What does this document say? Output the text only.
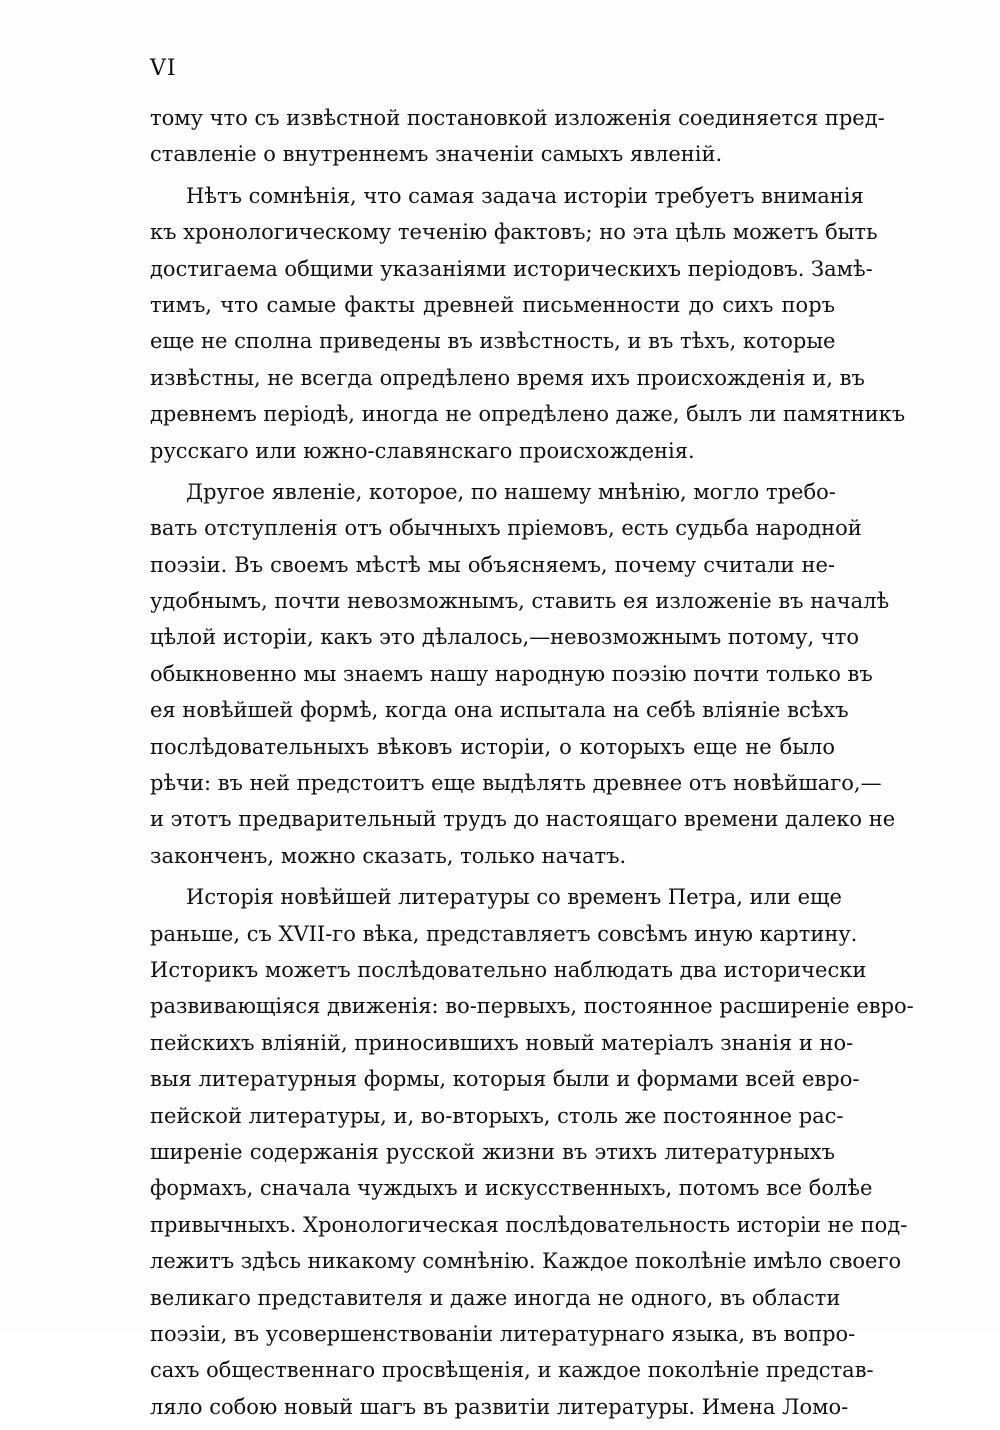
VI
тому что съ извѣстной постановкой изложенія соединяется пред-
ставленіе о внутреннемъ значеніи самыхъ явленій.
Нѣтъ сомнѣнія, что самая задача исторіи требуетъ вниманія
къ хронологическому теченію фактовъ; но эта цѣль можетъ быть
достигаема общими указаніями историческихъ періодовъ. Замѣ-
тимъ, что самые факты древней письменности до сихъ поръ
еще не сполна приведены въ извѣстность, и въ тѣхъ, которые
извѣстны, не всегда опредѣлено время ихъ происхожденія и, въ
древнемъ періодѣ, иногда не опредѣлено даже, былъ ли памятникъ
русскаго или южно-славянскаго происхожденія.
Другое явленіе, которое, по нашему мнѣнію, могло требо-
вать отступленія отъ обычныхъ пріемовъ, есть судьба народной
поэзіи. Въ своемъ мѣстѣ мы объясняемъ, почему считали не-
удобнымъ, почти невозможнымъ, ставить ея изложеніе въ началѣ
цѣлой исторіи, какъ это дѣлалось,—невозможнымъ потому, что
обыкновенно мы знаемъ нашу народную поэзію почти только въ
ея новѣйшей формѣ, когда она испытала на себѣ вліяніе всѣхъ
послѣдовательныхъ вѣковъ исторіи, о которыхъ еще не было
рѣчи: въ ней предстоитъ еще выдѣлять древнее отъ новѣйшаго,—
и этотъ предварительный трудъ до настоящаго времени далеко не
законченъ, можно сказать, только начатъ.
Исторія новѣйшей литературы со временъ Петра, или еще
раньше, съ XVII-го вѣка, представляетъ совсѣмъ иную картину.
Историкъ можетъ послѣдовательно наблюдать два исторически
развивающіяся движенія: во-первыхъ, постоянное расширеніе евро-
пейскихъ вліяній, приносившихъ новый матеріалъ знанія и но-
выя литературныя формы, которыя были и формами всей евро-
пейской литературы, и, во-вторыхъ, столь же постоянное рас-
ширеніе содержанія русской жизни въ этихъ литературныхъ
формахъ, сначала чуждыхъ и искусственныхъ, потомъ все болѣе
привычныхъ. Хронологическая послѣдовательность исторіи не под-
лежитъ здѣсь никакому сомнѣнію. Каждое поколѣніе имѣло своего
великаго представителя и даже иногда не одного, въ области
поэзіи, въ усовершенствованіи литературнаго языка, въ вопро-
сахъ общественнаго просвѣщенія, и каждое поколѣніе представ-
ляло собою новый шагъ въ развитіи литературы. Имена Ломо-
